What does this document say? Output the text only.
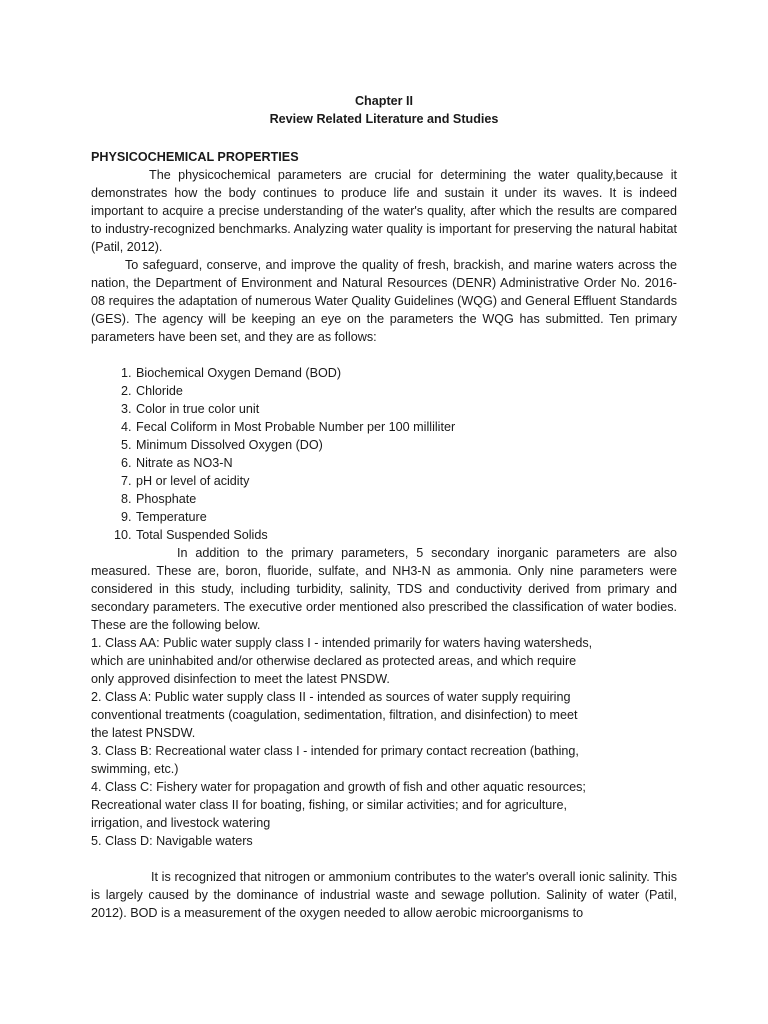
Chapter II
Review Related Literature and Studies
PHYSICOCHEMICAL PROPERTIES

The physicochemical parameters are crucial for determining the water quality,because it demonstrates how the body continues to produce life and sustain it under its waves. It is indeed important to acquire a precise understanding of the water's quality, after which the results are compared to industry-recognized benchmarks. Analyzing water quality is important for preserving the natural habitat (Patil, 2012).

To safeguard, conserve, and improve the quality of fresh, brackish, and marine waters across the nation, the Department of Environment and Natural Resources (DENR) Administrative Order No. 2016-08 requires the adaptation of numerous Water Quality Guidelines (WQG) and General Effluent Standards (GES). The agency will be keeping an eye on the parameters the WQG has submitted. Ten primary parameters have been set, and they are as follows:

1. Biochemical Oxygen Demand (BOD)
2. Chloride
3. Color in true color unit
4. Fecal Coliform in Most Probable Number per 100 milliliter
5. Minimum Dissolved Oxygen (DO)
6. Nitrate as NO3-N
7. pH or level of acidity
8. Phosphate
9. Temperature
10. Total Suspended Solids

In addition to the primary parameters, 5 secondary inorganic parameters are also measured. These are, boron, fluoride, sulfate, and NH3-N as ammonia. Only nine parameters were considered in this study, including turbidity, salinity, TDS and conductivity derived from primary and secondary parameters. The executive order mentioned also prescribed the classification of water bodies. These are the following below.

1. Class AA: Public water supply class I - intended primarily for waters having watersheds,

which are uninhabited and/or otherwise declared as protected areas, and which require

only approved disinfection to meet the latest PNSDW.

2. Class A: Public water supply class II - intended as sources of water supply requiring

conventional treatments (coagulation, sedimentation, filtration, and disinfection) to meet

the latest PNSDW.

3. Class B: Recreational water class I - intended for primary contact recreation (bathing,

swimming, etc.)

4. Class C: Fishery water for propagation and growth of fish and other aquatic resources;

Recreational water class II for boating, fishing, or similar activities; and for agriculture,

irrigation, and livestock watering

5. Class D: Navigable waters

It is recognized that nitrogen or ammonium contributes to the water's overall ionic salinity. This is largely caused by the dominance of industrial waste and sewage pollution. Salinity of water (Patil, 2012). BOD is a measurement of the oxygen needed to allow aerobic microorganisms to
